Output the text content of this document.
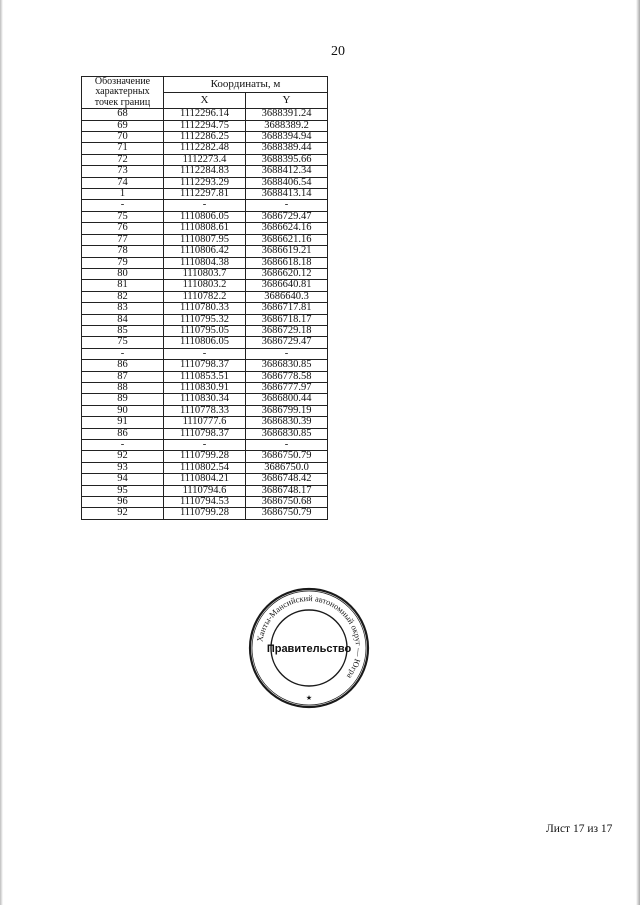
20
Обозначение
характерных
точек границ	Координаты, м	
	X	Y
68	1112296.14	3688391.24
69	1112294.75	3688389.2
70	1112286.25	3688394.94
71	1112282.48	3688389.44
72	1112273.4	3688395.66
73	1112284.83	3688412.34
74	1112293.29	3688406.54
1	1112297.81	3688413.14
-	-	-
75	1110806.05	3686729.47
76	1110808.61	3686624.16
77	1110807.95	3686621.16
78	1110806.42	3686619.21
79	1110804.38	3686618.18
80	1110803.7	3686620.12
81	1110803.2	3686640.81
82	1110782.2	3686640.3
83	1110780.33	3686717.81
84	1110795.32	3686718.17
85	1110795.05	3686729.18
75	1110806.05	3686729.47
-	-	-
86	1110798.37	3686830.85
87	1110853.51	3686778.58
88	1110830.91	3686777.97
89	1110830.34	3686800.44
90	1110778.33	3686799.19
91	1110777.6	3686830.39
86	1110798.37	3686830.85
-	-	-
92	1110799.28	3686750.79
93	1110802.54	3686750.0
94	1110804.21	3686748.42
95	1110794.6	3686748.17
96	1110794.53	3686750.68
92	1110799.28	3686750.79
Ханты-Мансийский автономный округ — Югра
Правительство
★
Лист 17 из 17
